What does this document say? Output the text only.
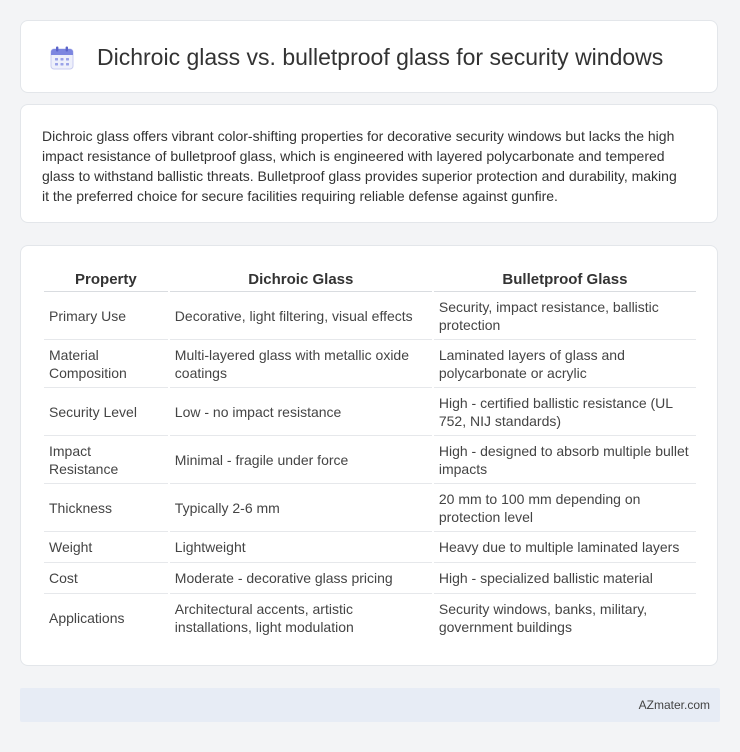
Dichroic glass vs. bulletproof glass for security windows

Dichroic glass offers vibrant color-shifting properties for decorative security windows but lacks the high impact resistance of bulletproof glass, which is engineered with layered polycarbonate and tempered glass to withstand ballistic threats. Bulletproof glass provides superior protection and durability, making it the preferred choice for secure facilities requiring reliable defense against gunfire.

Property	Dichroic Glass	Bulletproof Glass
Primary Use	Decorative, light filtering, visual effects	Security, impact resistance, ballistic protection
Material Composition	Multi-layered glass with metallic oxide coatings	Laminated layers of glass and polycarbonate or acrylic
Security Level	Low - no impact resistance	High - certified ballistic resistance (UL 752, NIJ standards)
Impact Resistance	Minimal - fragile under force	High - designed to absorb multiple bullet impacts
Thickness	Typically 2-6 mm	20 mm to 100 mm depending on protection level
Weight	Lightweight	Heavy due to multiple laminated layers
Cost	Moderate - decorative glass pricing	High - specialized ballistic material
Applications	Architectural accents, artistic installations, light modulation	Security windows, banks, military, government buildings
AZmater.com
